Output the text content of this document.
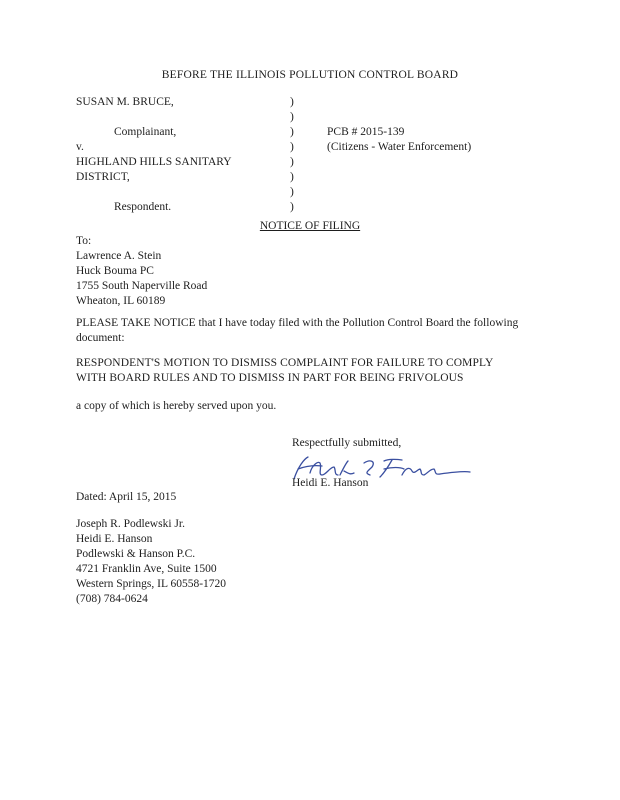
BEFORE THE ILLINOIS POLLUTION CONTROL BOARD
SUSAN M. BRUCE,
Complainant,
v.
HIGHLAND HILLS SANITARY
DISTRICT,
Respondent.
)
)
)
)
)
)
)
)
PCB # 2015-139
(Citizens - Water Enforcement)
NOTICE OF FILING
To:
Lawrence A. Stein
Huck Bouma PC
1755 South Naperville Road
Wheaton, IL 60189
PLEASE TAKE NOTICE that I have today filed with the Pollution Control Board the following document:
RESPONDENT'S MOTION TO DISMISS COMPLAINT FOR FAILURE TO COMPLY
WITH BOARD RULES AND TO DISMISS IN PART FOR BEING FRIVOLOUS
a copy of which is hereby served upon you.
Respectfully submitted,
Heidi E. Hanson
Dated: April 15, 2015
Joseph R. Podlewski Jr.
Heidi E. Hanson
Podlewski & Hanson P.C.
4721 Franklin Ave, Suite 1500
Western Springs, IL 60558-1720
(708) 784-0624
